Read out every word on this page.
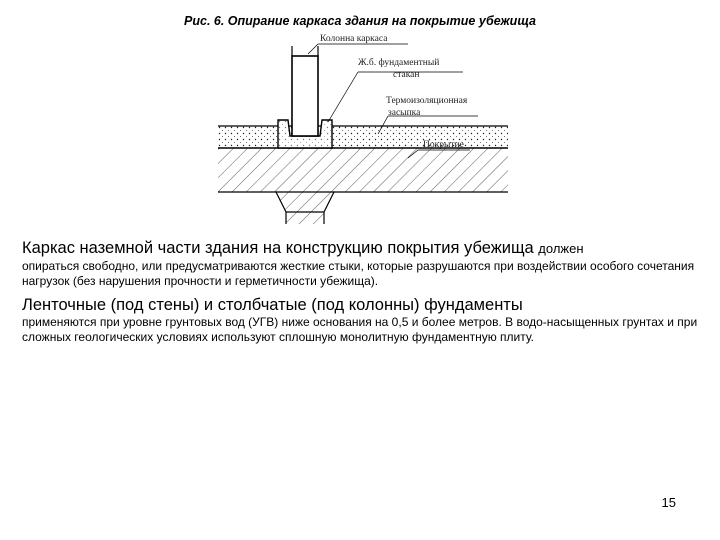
Рис. 6. Опирание каркаса здания на покрытие убежища
Колонна каркаса
Ж.б. фундаментный
стакан
Термоизоляционная
засыпка
Покрытие
Каркас наземной части здания на конструкцию покрытия убежища должен

опираться свободно, или предусматриваются жесткие стыки, которые разрушаются при воздействии особого сочетания нагрузок (без нарушения прочности и герметичности убежища).

Ленточные (под стены) и столбчатые (под колонны) фундаменты

применяются при уровне грунтовых вод (УГВ) ниже основания на 0,5 и более метров. В водо-насыщенных грунтах и при сложных геологических условиях используют сплошную монолитную фундаментную плиту.

15
